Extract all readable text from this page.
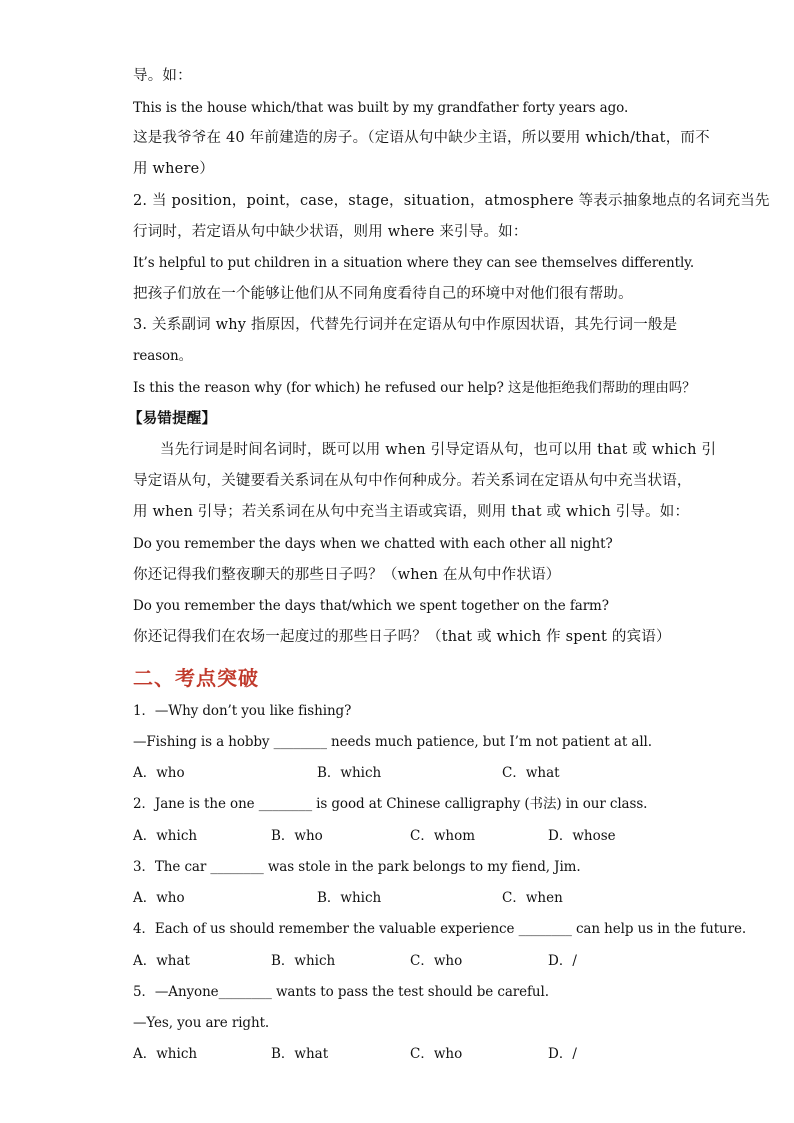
导。如：
This is the house which/that was built by my grandfather forty years ago.
这是我爷爷在 40 年前建造的房子。（定语从句中缺少主语，所以要用 which/that，而不
用 where）
2. 当 position，point，case，stage，situation，atmosphere 等表示抽象地点的名词充当先
行词时，若定语从句中缺少状语，则用 where 来引导。如：
It’s helpful to put children in a situation where they can see themselves differently.
把孩子们放在一个能够让他们从不同角度看待自己的环境中对他们很有帮助。
3. 关系副词 why 指原因，代替先行词并在定语从句中作原因状语，其先行词一般是
reason。
Is this the reason why (for which) he refused our help? 这是他拒绝我们帮助的理由吗？
【易错提醒】
当先行词是时间名词时，既可以用 when 引导定语从句，也可以用 that 或 which 引
导定语从句，关键要看关系词在从句中作何种成分。若关系词在定语从句中充当状语，
用 when 引导；若关系词在从句中充当主语或宾语，则用 that 或 which 引导。如：
Do you remember the days when we chatted with each other all night?
你还记得我们整夜聊天的那些日子吗？（when 在从句中作状语）
Do you remember the days that/which we spent together on the farm?
你还记得我们在农场一起度过的那些日子吗？（that 或 which 作 spent 的宾语）
二、考点突破
1．—Why don’t you like fishing?
—Fishing is a hobby ________ needs much patience, but I’m not patient at all.
A．who	B．which	C．what
2．Jane is the one ________ is good at Chinese calligraphy (书法) in our class.
A．which	B．who	C．whom	D．whose
3．The car ________ was stole in the park belongs to my fiend, Jim.
A．who	B．which	C．when
4．Each of us should remember the valuable experience ________ can help us in the future.
A．what	B．which	C．who	D．/
5．—Anyone________ wants to pass the test should be careful.
—Yes, you are right.
A．which	B．what	C．who	D．/
